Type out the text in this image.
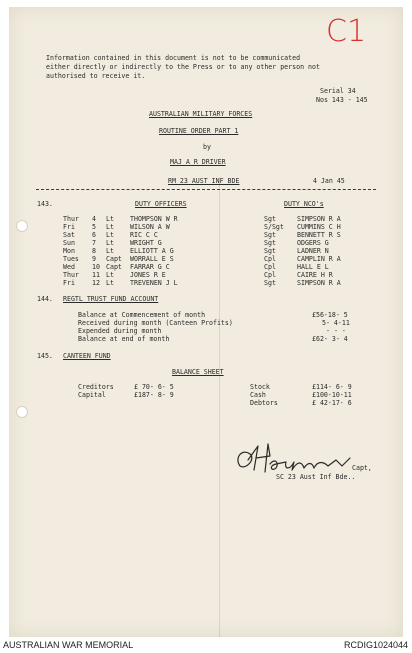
C1
Information contained in this document is not to be communicated
either directly or indirectly to the Press or to any other person not
authorised to receive it.
Serial 34
Nos 143 - 145
AUSTRALIAN MILITARY FORCES
ROUTINE ORDER PART 1
by
MAJ A R DRIVER
RM 23 AUST INF BDE	4 Jan 45
143.	DUTY OFFICERS	DUTY NCO's
Thur 4 Lt THOMPSON W R	Sgt	SIMPSON R A
Fri	5 Lt WILSON A W	S/Sgt CUMMINS C H
Sat	6 Lt RIC C C	Sgt	BENNETT R S
Sun	7 Lt WRIGHT G	Sgt	ODGERS G
Mon	8 Lt ELLIOTT A G	Sgt	LADNER N
Tues 9 Capt WORRALL E S	Cpl	CAMPLIN R A
Wed	10 Capt FARRAR G C	Cpl	HALL E L
Thur 11 Lt JONES R E	Cpl	CAIRE H R
Fri	12 Lt TREVENEN J L	Sgt	SIMPSON R A
144. REGTL TRUST FUND ACCOUNT
Balance at Commencement of month	£56-18- 5
Received during month (Canteen Profits)	5- 4-11
Expended during month	- - -
Balance at end of month	£62- 3- 4
145. CANTEEN FUND
BALANCE SHEET
Creditors	£ 70- 6- 5
Capital	£187- 8- 9
Stock	£114- 6- 9
Cash	£100-10-11
Debtors	£ 42-17- 6
Capt,
SC 23 Aust Inf Bde..
AUSTRALIAN WAR MEMORIAL	RCDIG1024044
